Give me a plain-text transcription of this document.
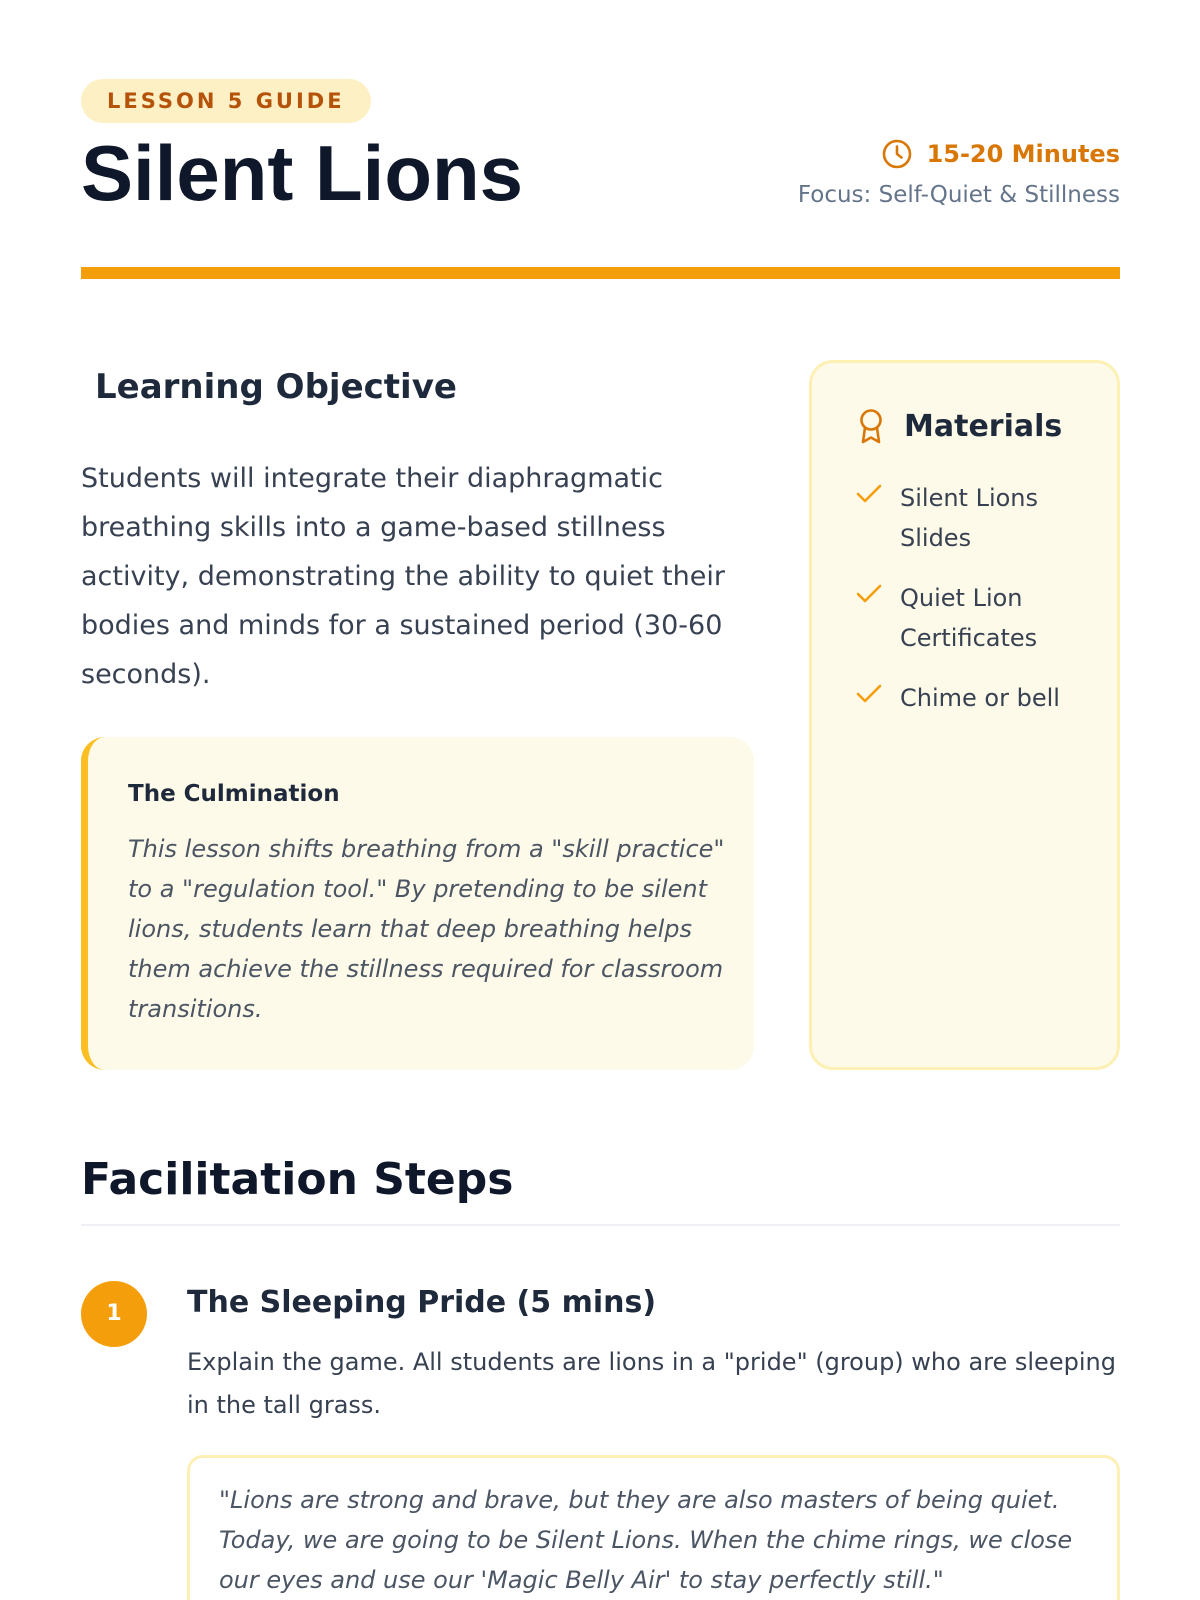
LESSON 5 GUIDE
Silent Lions	15-20 Minutes
Focus: Self-Quiet & Stillness
Learning Objective

Students will integrate their diaphragmatic breathing skills into a game-based stillness activity, demonstrating the ability to quiet their bodies and minds for a sustained period (30-60 seconds).

The Culmination

This lesson shifts breathing from a "skill practice" to a "regulation tool." By pretending to be silent lions, students learn that deep breathing helps them achieve the stillness required for classroom transitions.

Materials
Silent Lions Slides
Quiet Lion Certificates
Chime or bell
Facilitation Steps
1	The Sleeping Pride (5 mins)

Explain the game. All students are lions in a "pride" (group) who are sleeping in the tall grass.

"Lions are strong and brave, but they are also masters of being quiet. Today, we are going to be Silent Lions. When the chime rings, we close our eyes and use our 'Magic Belly Air' to stay perfectly still."
